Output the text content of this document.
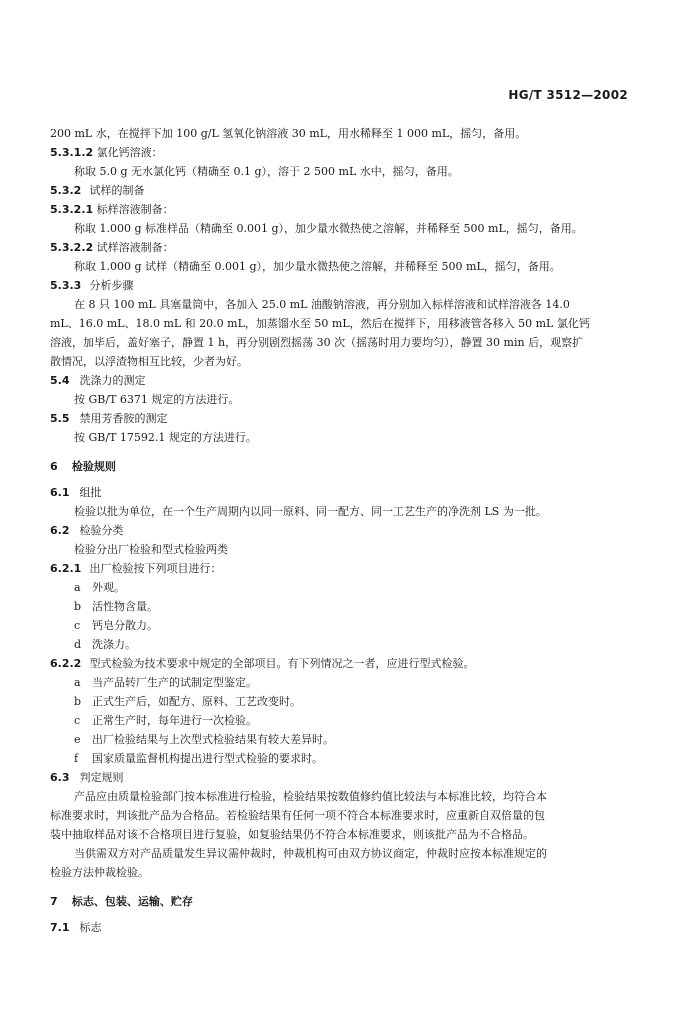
HG/T 3512—2002
200 mL 水，在搅拌下加 100 g/L 氢氧化钠溶液 30 mL，用水稀释至 1 000 mL，摇匀，备用。
5.3.1.2 氯化钙溶液：
称取 5.0 g 无水氯化钙（精确至 0.1 g），溶于 2 500 mL 水中，摇匀，备用。
5.3.2 试样的制备
5.3.2.1 标样溶液制备：
称取 1.000 g 标准样品（精确至 0.001 g），加少量水微热使之溶解，并稀释至 500 mL，摇匀，备用。
5.3.2.2 试样溶液制备：
称取 1.000 g 试样（精确至 0.001 g），加少量水微热使之溶解，并稀释至 500 mL，摇匀，备用。
5.3.3 分析步骤
在 8 只 100 mL 具塞量筒中，各加入 25.0 mL 油酸钠溶液，再分别加入标样溶液和试样溶液各 14.0
mL、16.0 mL、18.0 mL 和 20.0 mL，加蒸馏水至 50 mL，然后在搅拌下，用移液管各移入 50 mL 氯化钙
溶液，加毕后，盖好塞子，静置 1 h，再分别剧烈摇荡 30 次（摇荡时用力要均匀），静置 30 min 后，观察扩
散情况，以浮渣物相互比较，少者为好。
5.4 洗涤力的测定
按 GB/T 6371 规定的方法进行。
5.5 禁用芳香胺的测定
按 GB/T 17592.1 规定的方法进行。
6 检验规则
6.1 组批
检验以批为单位，在一个生产周期内以同一原料、同一配方、同一工艺生产的净洗剂 LS 为一批。
6.2 检验分类
检验分出厂检验和型式检验两类
6.2.1 出厂检验按下列项目进行：
a 外观。
b 活性物含量。
c 钙皂分散力。
d 洗涤力。
6.2.2 型式检验为技术要求中规定的全部项目。有下列情况之一者，应进行型式检验。
a 当产品转厂生产的试制定型鉴定。
b 正式生产后，如配方、原料、工艺改变时。
c 正常生产时，每年进行一次检验。
e 出厂检验结果与上次型式检验结果有较大差异时。
f 国家质量监督机构提出进行型式检验的要求时。
6.3 判定规则
产品应由质量检验部门按本标准进行检验，检验结果按数值修约值比较法与本标准比较，均符合本
标准要求时，判该批产品为合格品。若检验结果有任何一项不符合本标准要求时，应重新自双倍量的包
装中抽取样品对该不合格项目进行复验，如复验结果仍不符合本标准要求，则该批产品为不合格品。
当供需双方对产品质量发生异议需仲裁时，仲裁机构可由双方协议商定，仲裁时应按本标准规定的
检验方法仲裁检验。
7 标志、包装、运输、贮存
7.1 标志
